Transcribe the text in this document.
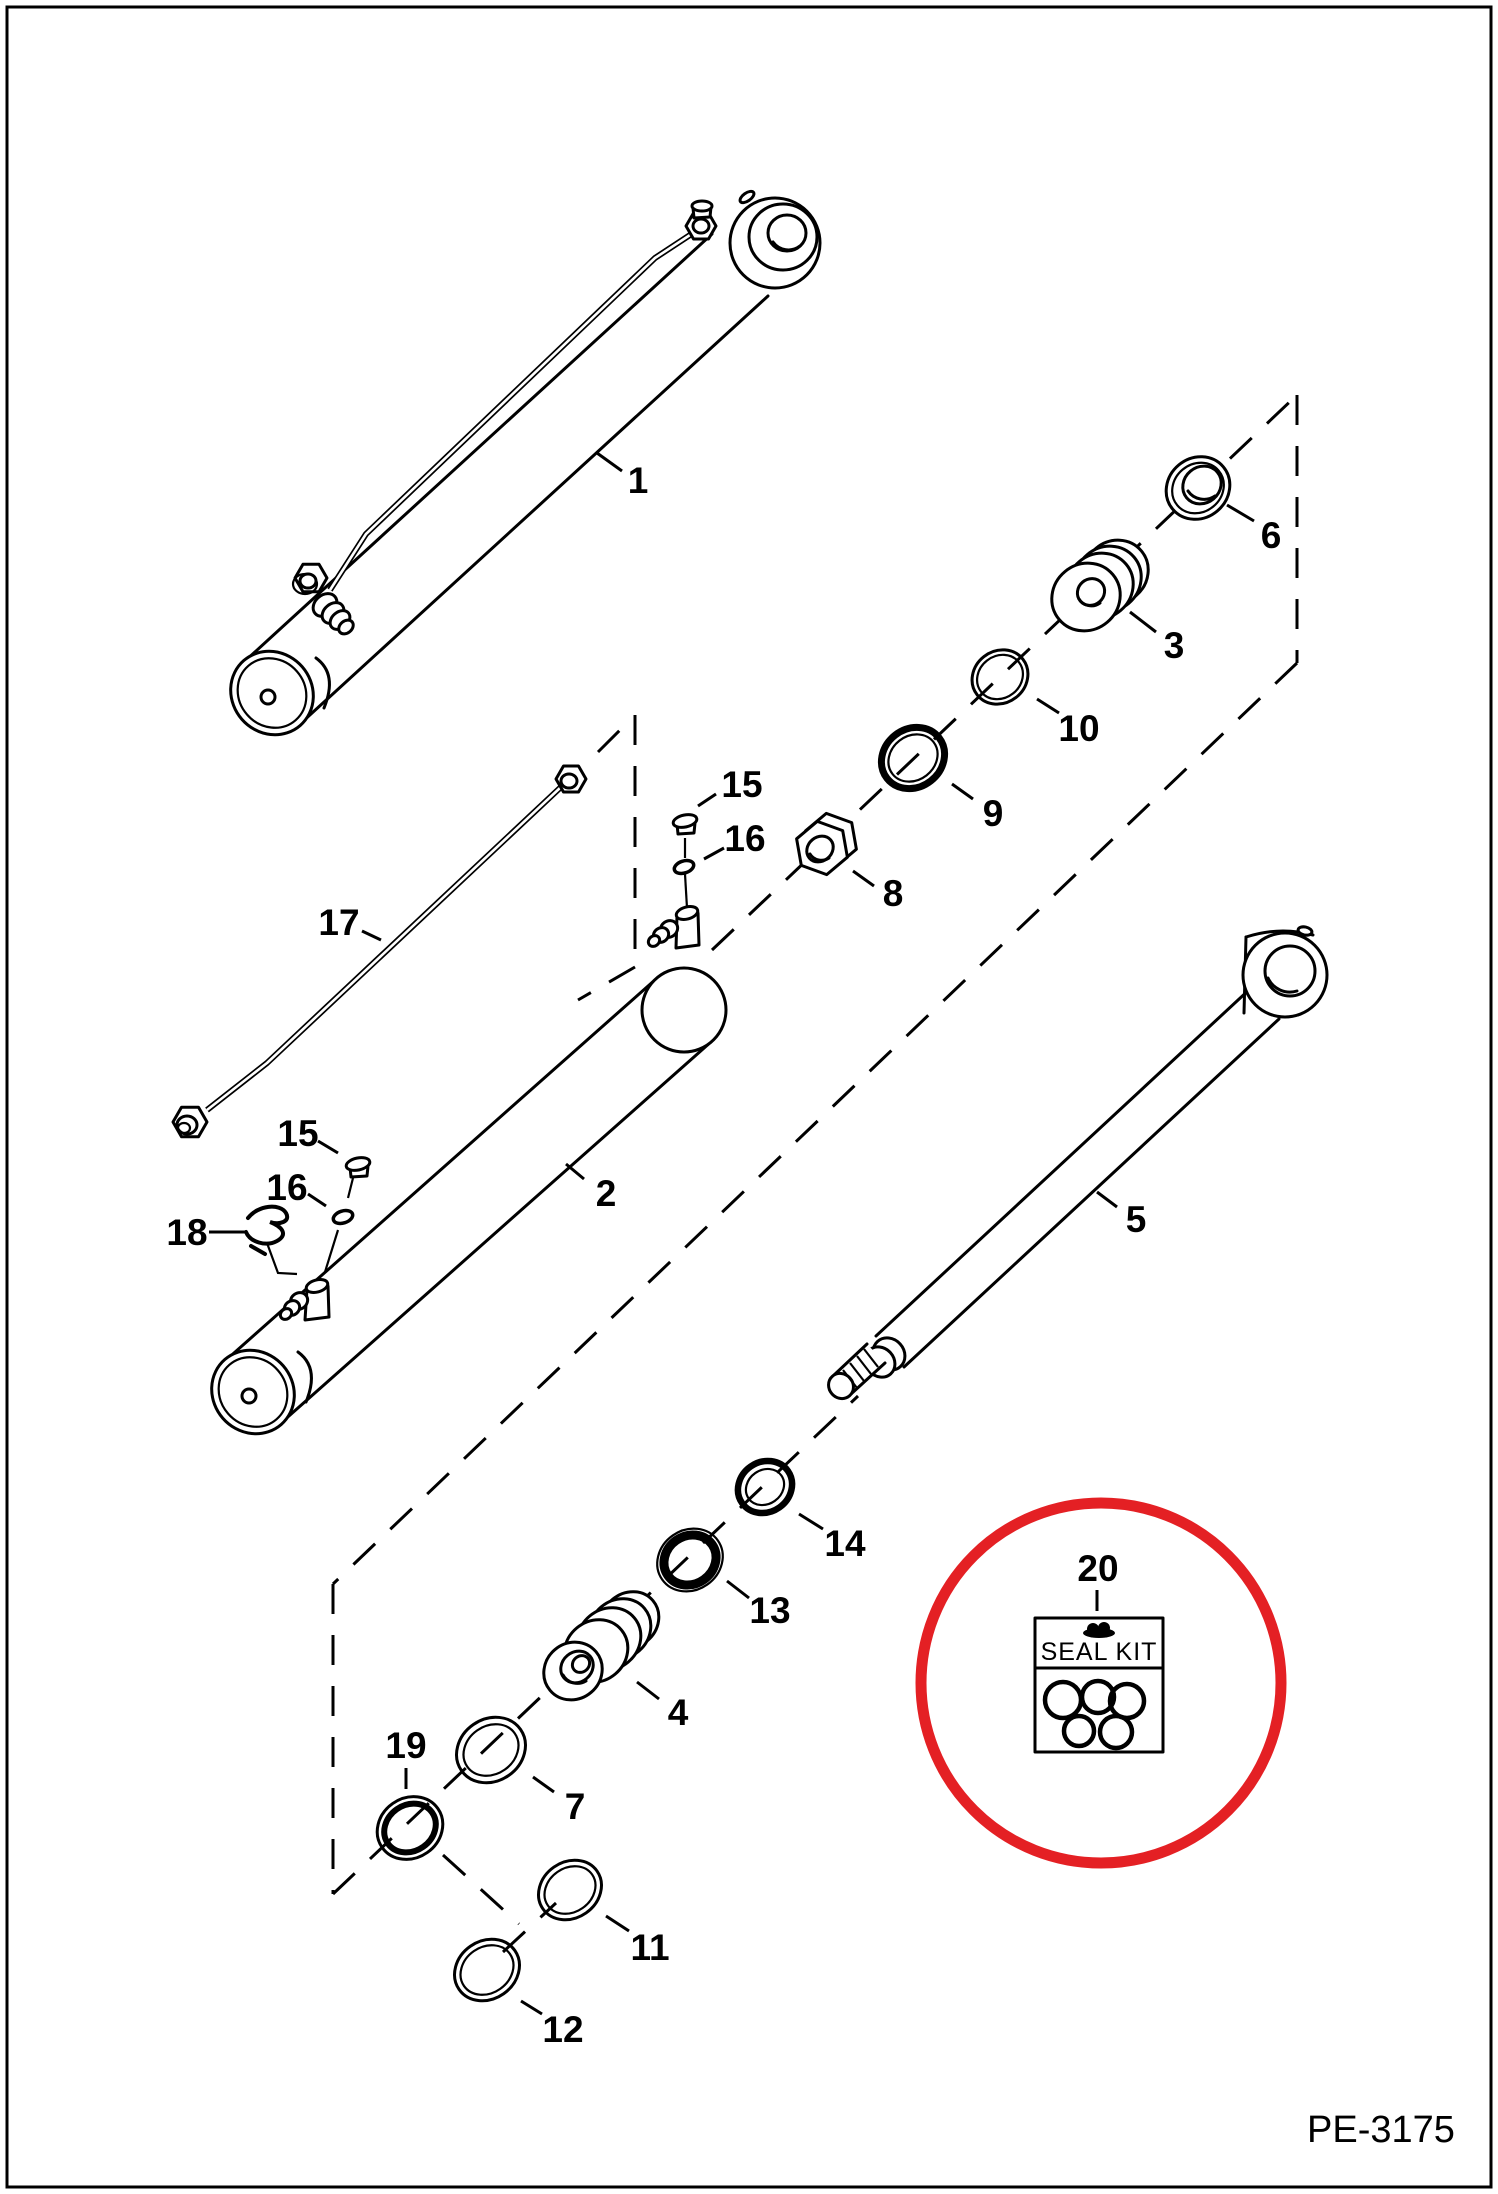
SEAL KIT
1
2
3
4
5
6
7
8
9
10
11
12
13
14
15
16
17
18
15
16
19
20
PE-3175
